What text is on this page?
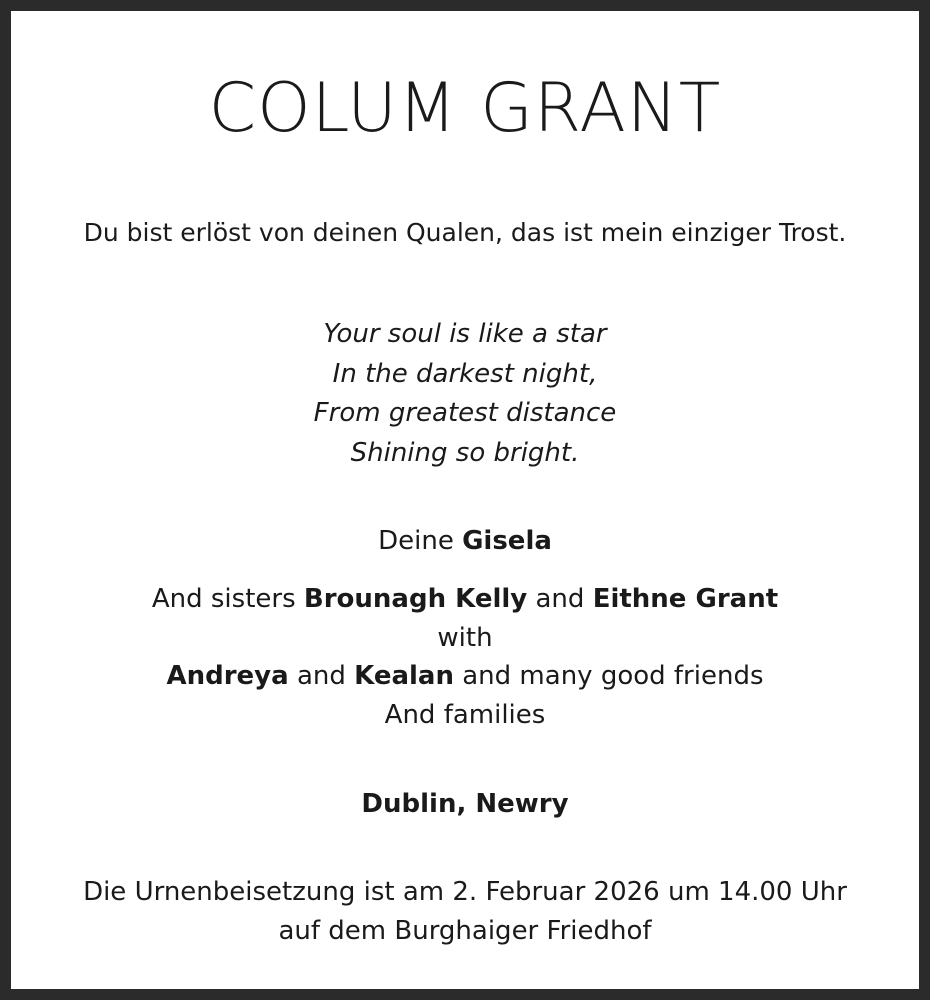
COLUM GRANT
Du bist erlöst von deinen Qualen, das ist mein einziger Trost.
Your soul is like a star
In the darkest night,
From greatest distance
Shining so bright.
Deine Gisela
And sisters Brounagh Kelly and Eithne Grant
with
Andreya and Kealan and many good friends
And families
Dublin, Newry
Die Urnenbeisetzung ist am 2. Februar 2026 um 14.00 Uhr
auf dem Burghaiger Friedhof
